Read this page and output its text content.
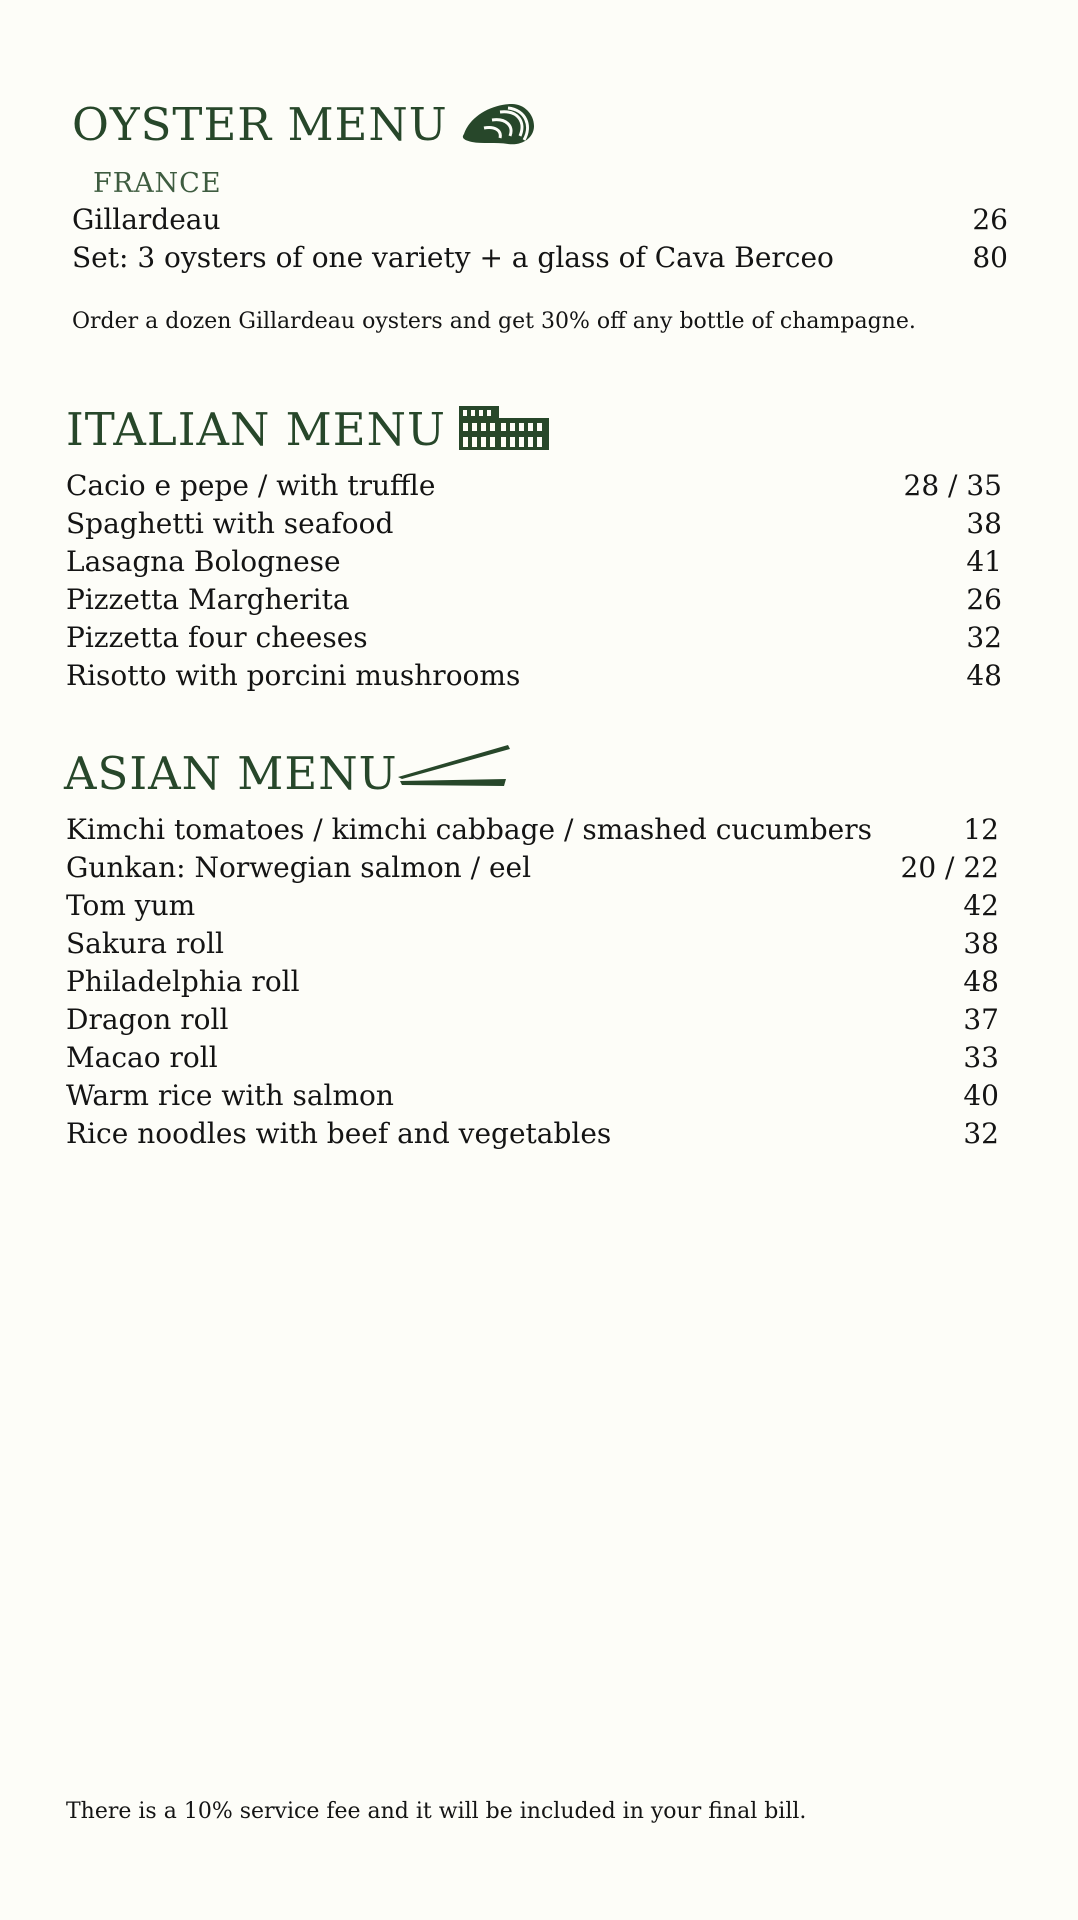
OYSTER MENU
FRANCE
Gillardeau	26
Set: 3 oysters of one variety + a glass of Cava Berceo	80

Order a dozen Gillardeau oysters and get 30% off any bottle of champagne.

ITALIAN MENU
Cacio e pepe / with truffle	28 / 35
Spaghetti with seafood	38
Lasagna Bolognese	41
Pizzetta Margherita	26
Pizzetta four cheeses	32
Risotto with porcini mushrooms	48
ASIAN MENU
Kimchi tomatoes / kimchi cabbage / smashed cucumbers	12
Gunkan: Norwegian salmon / eel	20 / 22
Tom yum	42
Sakura roll	38
Philadelphia roll	48
Dragon roll	37
Macao roll	33
Warm rice with salmon	40
Rice noodles with beef and vegetables	32

There is a 10% service fee and it will be included in your final bill.
